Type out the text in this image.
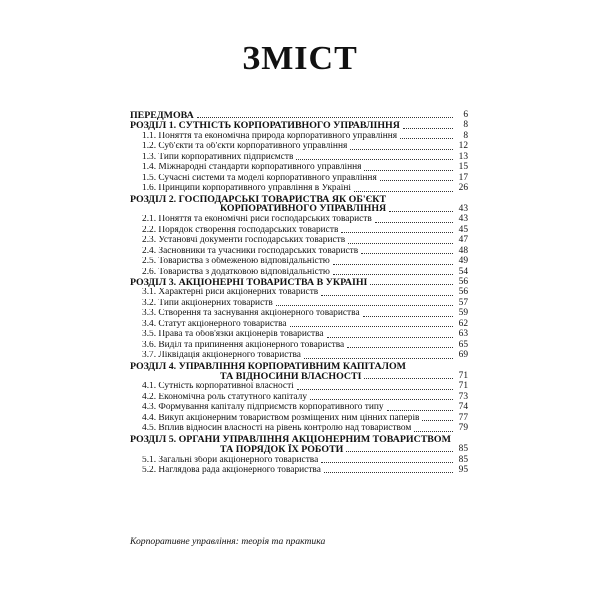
ЗМІСТ
ПЕРЕДМОВА	6
РОЗДІЛ 1. СУТНІСТЬ КОРПОРАТИВНОГО УПРАВЛІННЯ	8
1.1. Поняття та економічна природа корпоративного управління	8
1.2. Суб'єкти та об'єкти корпоративного управління	12
1.3. Типи корпоративних підприємств	13
1.4. Міжнародні стандарти корпоративного управління	15
1.5. Сучасні системи та моделі корпоративного управління	17
1.6. Принципи корпоративного управління в Україні	26
РОЗДІЛ 2. ГОСПОДАРСЬКІ ТОВАРИСТВА ЯК ОБ'ЄКТ
КОРПОРАТИВНОГО УПРАВЛІННЯ	43
2.1. Поняття та економічні риси господарських товариств	43
2.2. Порядок створення господарських товариств	45
2.3. Установчі документи господарських товариств	47
2.4. Засновники та учасники господарських товариств	48
2.5. Товариства з обмеженою відповідальністю	49
2.6. Товариства з додатковою відповідальністю	54
РОЗДІЛ 3. АКЦІОНЕРНІ ТОВАРИСТВА В УКРАЇНІ	56
3.1. Характерні риси акціонерних товариств	56
3.2. Типи акціонерних товариств	57
3.3. Створення та заснування акціонерного товариства	59
3.4. Статут акціонерного товариства	62
3.5. Права та обов'язки акціонерів товариства	63
3.6. Виділ та припинення акціонерного товариства	65
3.7. Ліквідація акціонерного товариства	69
РОЗДІЛ 4. УПРАВЛІННЯ КОРПОРАТИВНИМ КАПІТАЛОМ
ТА ВІДНОСИНИ ВЛАСНОСТІ	71
4.1. Сутність корпоративної власності	71
4.2. Економічна роль статутного капіталу	73
4.3. Формування капіталу підприємств корпоративного типу	74
4.4. Викуп акціонерним товариством розміщених ним цінних паперів	77
4.5. Вплив відносин власності на рівень контролю над товариством	79
РОЗДІЛ 5. ОРГАНИ УПРАВЛІННЯ АКЦІОНЕРНИМ ТОВАРИСТВОМ
ТА ПОРЯДОК ЇХ РОБОТИ	85
5.1. Загальні збори акціонерного товариства	85
5.2. Наглядова рада акціонерного товариства	95
Корпоративне управління: теорія та практика
